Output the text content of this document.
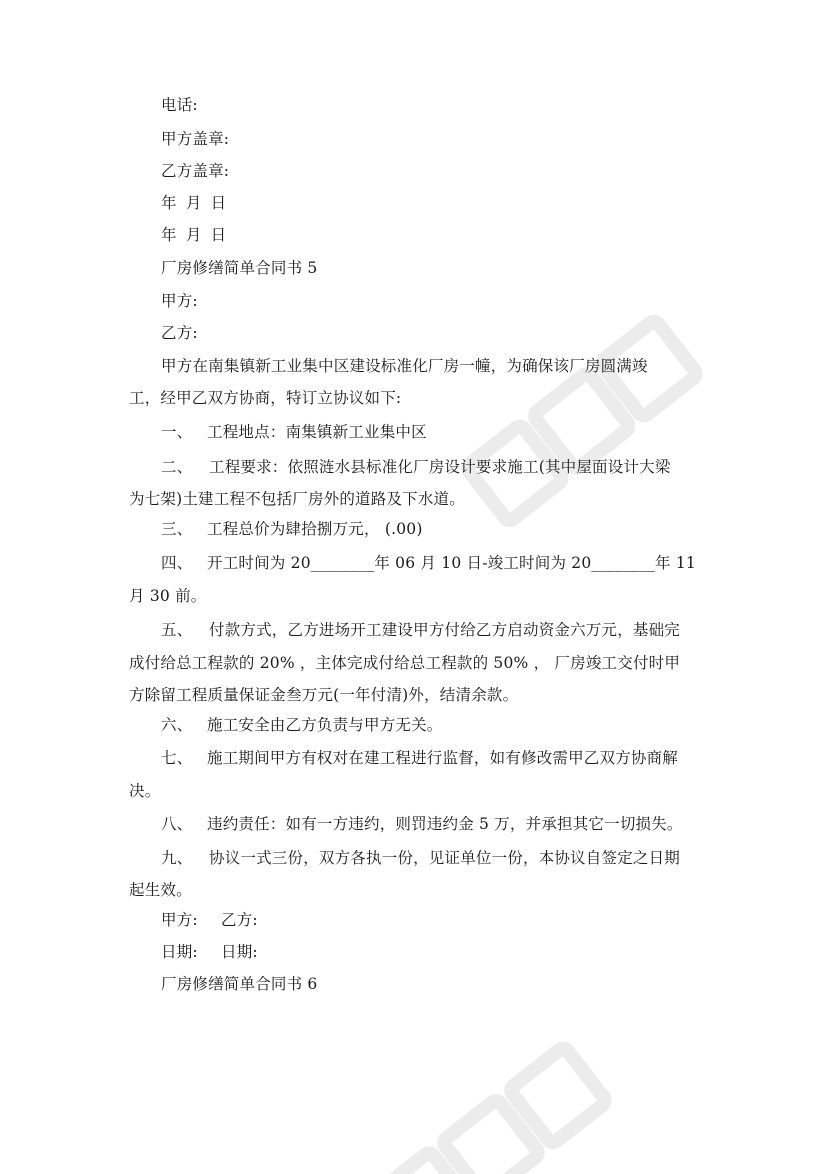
电话:
甲方盖章:
乙方盖章:
年 月 日
年 月 日
厂房修缮简单合同书 5
甲方:
乙方:
甲方在南集镇新工业集中区建设标准化厂房一幢，为确保该厂房圆满竣
工，经甲乙双方协商，特订立协议如下:
一、 工程地点：南集镇新工业集中区
二、 工程要求：依照涟水县标准化厂房设计要求施工(其中屋面设计大梁
为七架)土建工程不包括厂房外的道路及下水道。
三、 工程总价为肆拾捌万元， (.00)
四、 开工时间为 20________年 06 月 10 日-竣工时间为 20________年 11
月 30 前。
五、 付款方式，乙方进场开工建设甲方付给乙方启动资金六万元，基础完
成付给总工程款的 20% ，主体完成付给总工程款的 50% ， 厂房竣工交付时甲
方除留工程质量保证金叁万元(一年付清)外，结清余款。
六、 施工安全由乙方负责与甲方无关。
七、 施工期间甲方有权对在建工程进行监督，如有修改需甲乙双方协商解
决。
八、 违约责任：如有一方违约，则罚违约金 5 万，并承担其它一切损失。
九、 协议一式三份，双方各执一份，见证单位一份，本协议自签定之日期
起生效。
甲方: 乙方:
日期: 日期:
厂房修缮简单合同书 6
